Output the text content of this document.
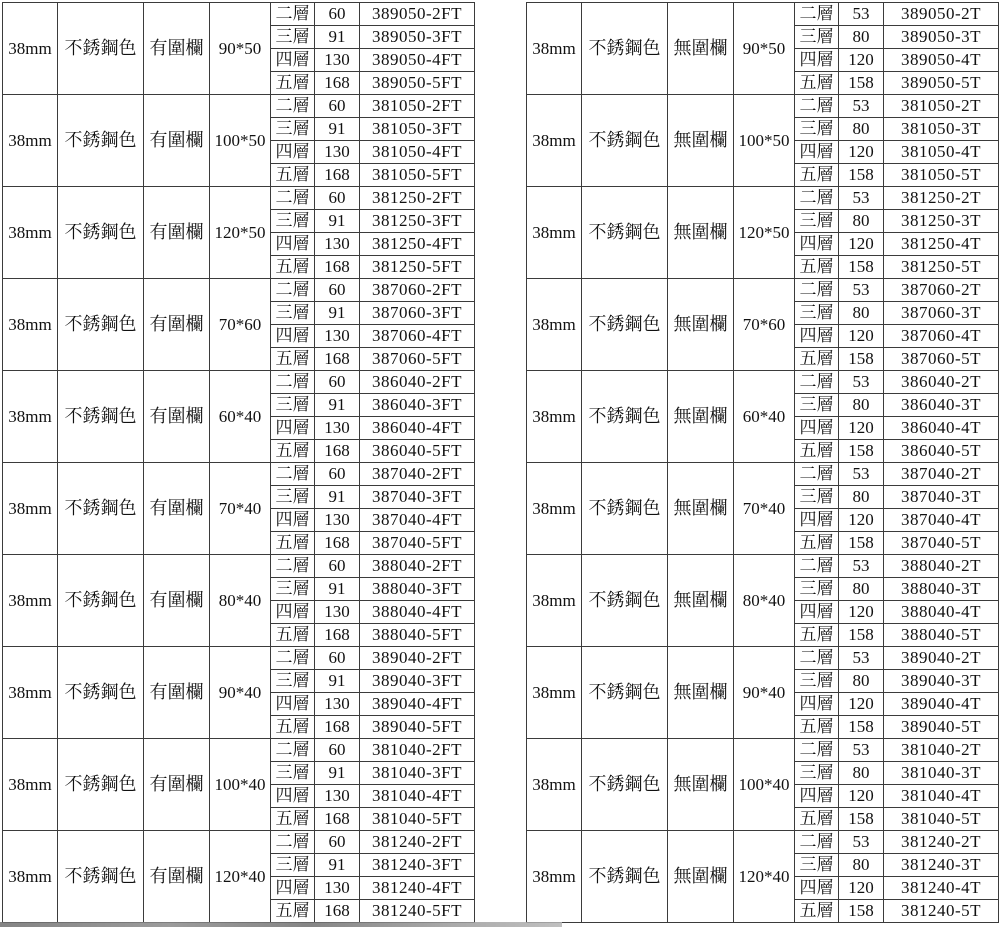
38mm	不銹鋼色	有圍欄	90*50	二層	60	389050-2FT
				三層	91	389050-3FT
				四層	130	389050-4FT
				五層	168	389050-5FT
38mm	不銹鋼色	有圍欄	100*50	二層	60	381050-2FT
				三層	91	381050-3FT
				四層	130	381050-4FT
				五層	168	381050-5FT
38mm	不銹鋼色	有圍欄	120*50	二層	60	381250-2FT
				三層	91	381250-3FT
				四層	130	381250-4FT
				五層	168	381250-5FT
38mm	不銹鋼色	有圍欄	70*60	二層	60	387060-2FT
				三層	91	387060-3FT
				四層	130	387060-4FT
				五層	168	387060-5FT
38mm	不銹鋼色	有圍欄	60*40	二層	60	386040-2FT
				三層	91	386040-3FT
				四層	130	386040-4FT
				五層	168	386040-5FT
38mm	不銹鋼色	有圍欄	70*40	二層	60	387040-2FT
				三層	91	387040-3FT
				四層	130	387040-4FT
				五層	168	387040-5FT
38mm	不銹鋼色	有圍欄	80*40	二層	60	388040-2FT
				三層	91	388040-3FT
				四層	130	388040-4FT
				五層	168	388040-5FT
38mm	不銹鋼色	有圍欄	90*40	二層	60	389040-2FT
				三層	91	389040-3FT
				四層	130	389040-4FT
				五層	168	389040-5FT
38mm	不銹鋼色	有圍欄	100*40	二層	60	381040-2FT
				三層	91	381040-3FT
				四層	130	381040-4FT
				五層	168	381040-5FT
38mm	不銹鋼色	有圍欄	120*40	二層	60	381240-2FT
				三層	91	381240-3FT
				四層	130	381240-4FT
				五層	168	381240-5FT
38mm	不銹鋼色	無圍欄	90*50	二層	53	389050-2T
				三層	80	389050-3T
				四層	120	389050-4T
				五層	158	389050-5T
38mm	不銹鋼色	無圍欄	100*50	二層	53	381050-2T
				三層	80	381050-3T
				四層	120	381050-4T
				五層	158	381050-5T
38mm	不銹鋼色	無圍欄	120*50	二層	53	381250-2T
				三層	80	381250-3T
				四層	120	381250-4T
				五層	158	381250-5T
38mm	不銹鋼色	無圍欄	70*60	二層	53	387060-2T
				三層	80	387060-3T
				四層	120	387060-4T
				五層	158	387060-5T
38mm	不銹鋼色	無圍欄	60*40	二層	53	386040-2T
				三層	80	386040-3T
				四層	120	386040-4T
				五層	158	386040-5T
38mm	不銹鋼色	無圍欄	70*40	二層	53	387040-2T
				三層	80	387040-3T
				四層	120	387040-4T
				五層	158	387040-5T
38mm	不銹鋼色	無圍欄	80*40	二層	53	388040-2T
				三層	80	388040-3T
				四層	120	388040-4T
				五層	158	388040-5T
38mm	不銹鋼色	無圍欄	90*40	二層	53	389040-2T
				三層	80	389040-3T
				四層	120	389040-4T
				五層	158	389040-5T
38mm	不銹鋼色	無圍欄	100*40	二層	53	381040-2T
				三層	80	381040-3T
				四層	120	381040-4T
				五層	158	381040-5T
38mm	不銹鋼色	無圍欄	120*40	二層	53	381240-2T
				三層	80	381240-3T
				四層	120	381240-4T
				五層	158	381240-5T
